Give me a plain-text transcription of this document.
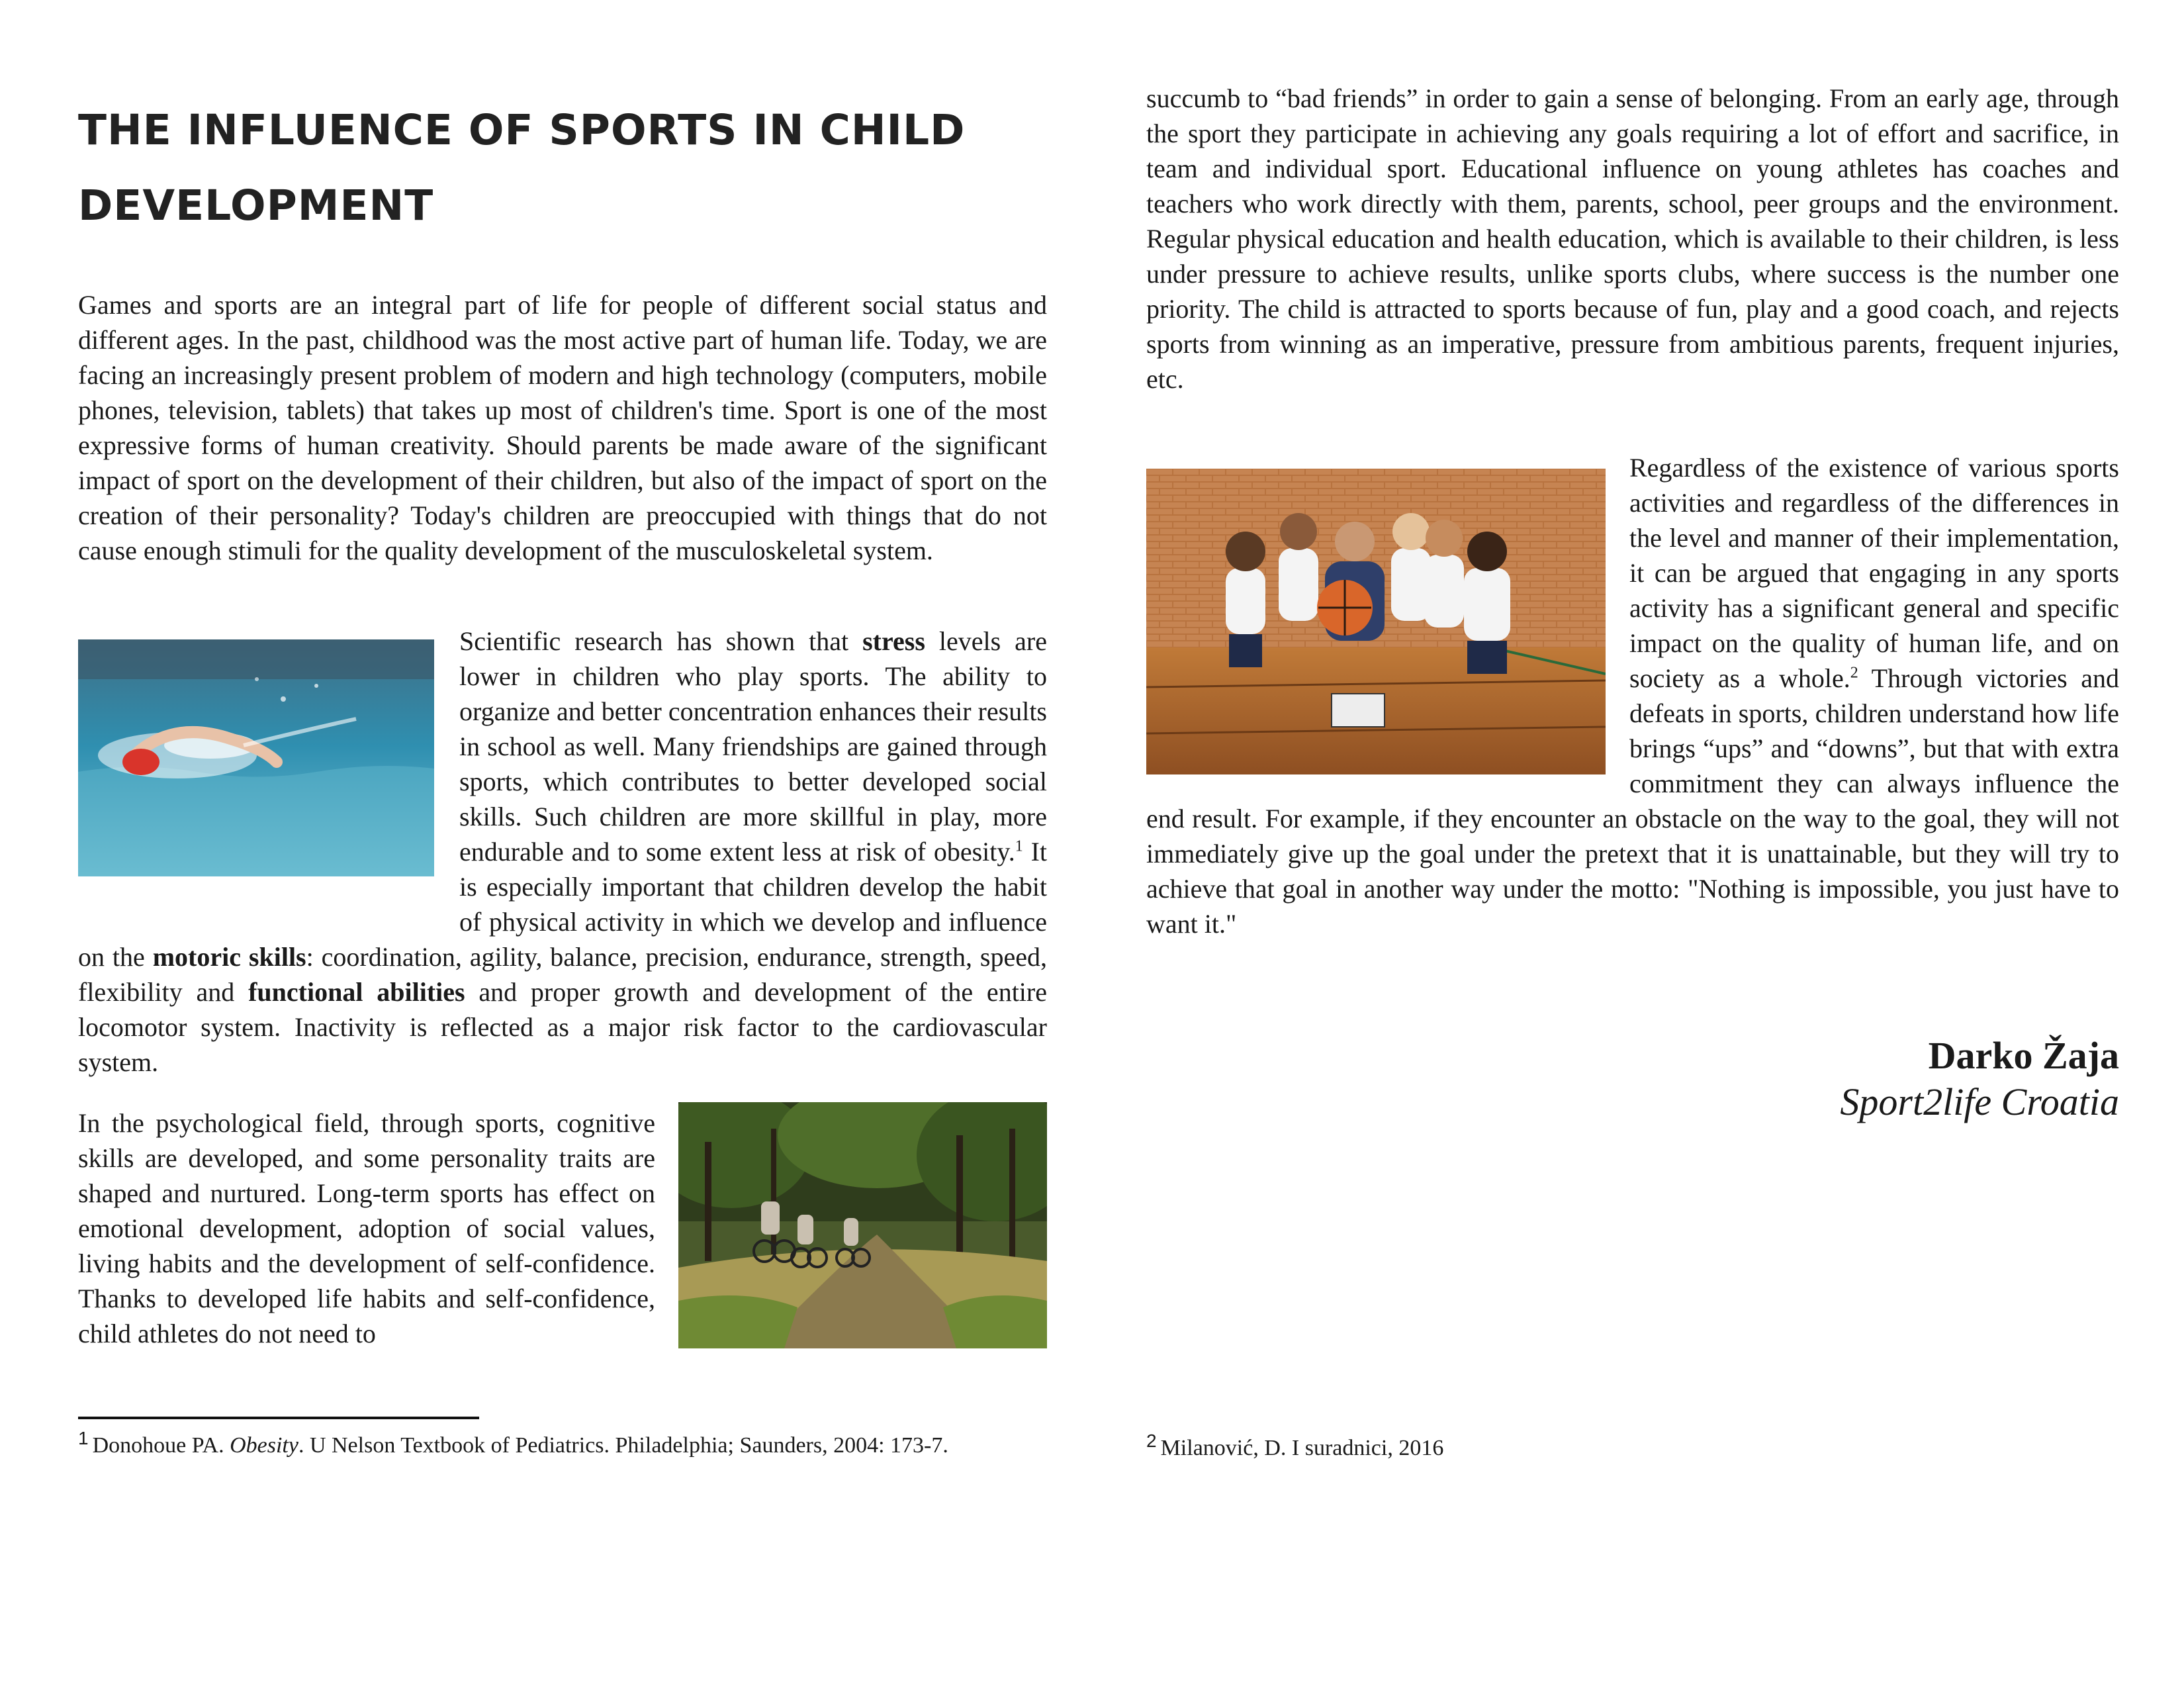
THE INFLUENCE OF SPORTS IN CHILD
DEVELOPMENT

Games and sports are an integral part of life for people of different social status and different ages. In the past, childhood was the most active part of human life. Today, we are facing an increasingly present problem of modern and high technology (computers, mobile phones, television, tablets) that takes up most of children's time. Sport is one of the most expressive forms of human creativity. Should parents be made aware of the significant impact of sport on the development of their children, but also of the impact of sport on the creation of their personality? Today's children are preoccupied with things that do not cause enough stimuli for the quality development of the musculoskeletal system.

Scientific research has shown that stress levels are lower in children who play sports. The ability to organize and better concentration enhances their results in school as well. Many friendships are gained through sports, which contributes to better developed social skills. Such children are more skillful in play, more endurable and to some extent less at risk of obesity.$^1$ It is especially important that children develop the habit of physical activity in which we develop and influence on the motoric skills: coordination, agility, balance, precision, endurance, strength, speed, flexibility and functional abilities and proper growth and development of the entire locomotor system. Inactivity is reflected as a major risk factor to the cardiovascular system.

In the psychological field, through sports, cognitive skills are developed, and some personality traits are shaped and nurtured. Long-term sports has effect on emotional development, adoption of social values, living habits and the development of self-confidence. Thanks to developed life habits and self-confidence, child athletes do not need to

$^1$ Donohoue PA. Obesity. U Nelson Textbook of Pediatrics. Philadelphia; Saunders, 2004: 173-7.

succumb to “bad friends” in order to gain a sense of belonging. From an early age, through the sport they participate in achieving any goals requiring a lot of effort and sacrifice, in team and individual sport. Educational influence on young athletes has coaches and teachers who work directly with them, parents, school, peer groups and the environment. Regular physical education and health education, which is available to their children, is less under pressure to achieve results, unlike sports clubs, where success is the number one priority. The child is attracted to sports because of fun, play and a good coach, and rejects sports from winning as an imperative, pressure from ambitious parents, frequent injuries, etc.

Regardless of the existence of various sports activities and regardless of the differences in the level and manner of their implementation, it can be argued that engaging in any sports activity has a significant general and specific impact on the quality of human life, and on society as a whole.$^2$ Through victories and defeats in sports, children understand how life brings “ups” and “downs”, but that with extra commitment they can always influence the end result. For example, if they encounter an obstacle on the way to the goal, they will not immediately give up the goal under the pretext that it is unattainable, but they will try to achieve that goal in another way under the motto: "Nothing is impossible, you just have to want it."

Darko Žaja
Sport2life Croatia
$^2$ Milanović, D. I suradnici, 2016
